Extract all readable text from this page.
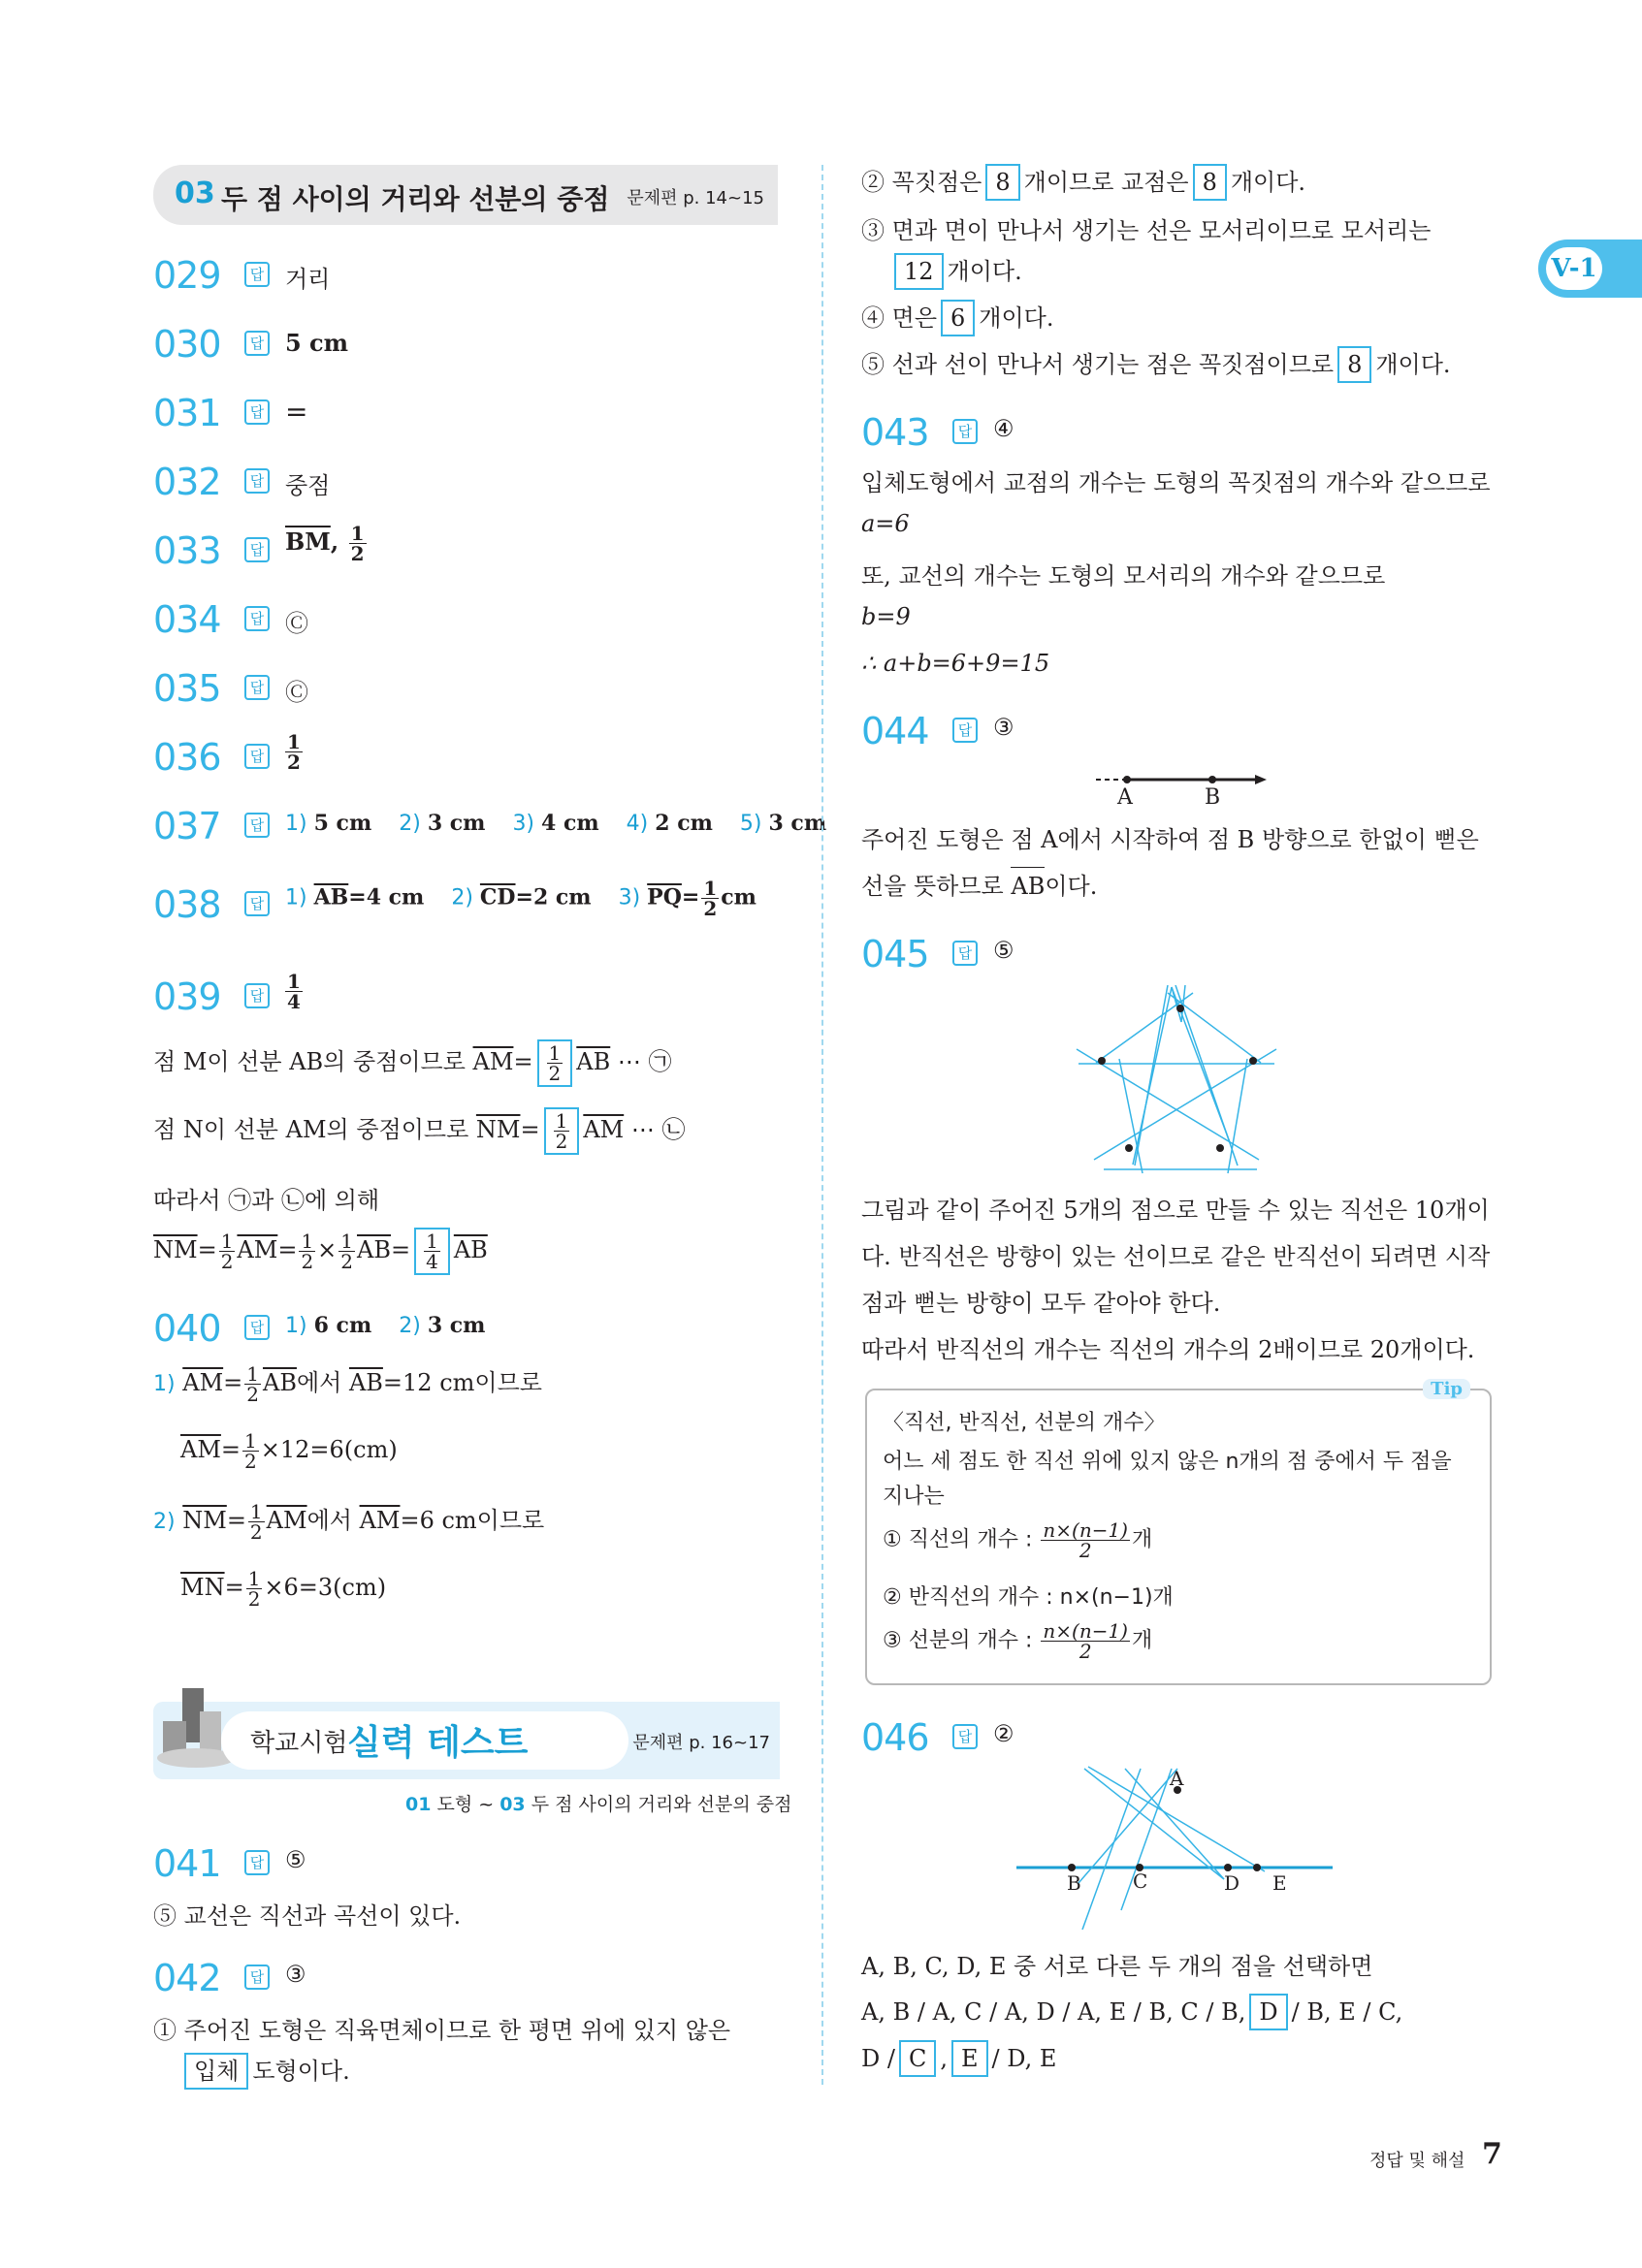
03 두 점 사이의 거리와 선분의 중점 문제편 p. 14~15
029	답 거리
030	답 5 cm
031	답 =
032	답 중점
033	답 $\overline{BM}$, $\frac{1}{2}$
034	답 Ⓒ
035	답 Ⓒ
036	답 $\frac{1}{2}$
037	답 1) 5 cm 2) 3 cm 3) 4 cm 4) 2 cm 5) 3 cm
038	답 1) $\overline{AB}=4$ cm 2) $\overline{CD}=2$ cm 3) $\overline{PQ}= \frac{1}{2}$ cm
039	답 $\frac{1}{4}$
점 M이 선분 AB의 중점이므로 $\overline{AM}= \frac{1}{2} \overline{AB}$ ⋯ ㉠
점 N이 선분 AM의 중점이므로 $\overline{NM}= \frac{1}{2} \overline{AM}$ ⋯ ㉡
따라서 ㉠과 ㉡에 의해
$\overline{NM}= \frac{1}{2} \overline{AM}= \frac{1}{2} \times \frac{1}{2} \overline{AB}= \frac{1}{4} \overline{AB}$
040	답 1) 6 cm 2) 3 cm
1) $\overline{AM}= \frac{1}{2} \overline{AB}$에서 $\overline{AB}=12$ cm이므로
$\overline{AM}= \frac{1}{2} \times 12=6(cm)$
2) $\overline{NM}= \frac{1}{2} \overline{AM}$에서 $\overline{AM}=6$ cm이므로
$\overline{MN}= \frac{1}{2} \times 6=3(cm)$
학교시험 실력 테스트	문제편 p. 16~17
01 도형 ~ 03 두 점 사이의 거리와 선분의 중점
041	답 ⑤
⑤ 교선은 직선과 곡선이 있다.
042	답 ③
① 주어진 도형은 직육면체이므로 한 평면 위에 있지 않은
입체 도형이다.
② 꼭짓점은 8 개이므로 교점은 8 개이다.
③ 면과 면이 만나서 생기는 선은 모서리이므로 모서리는
12 개이다.
④ 면은 6 개이다.
⑤ 선과 선이 만나서 생기는 점은 꼭짓점이므로 8 개이다.
V-1
043	답 ④
입체도형에서 교점의 개수는 도형의 꼭짓점의 개수와 같으므로
a=6
또, 교선의 개수는 도형의 모서리의 개수와 같으므로
b=9
∴ a+b=6+9=15
044	답 ③
A	B
주어진 도형은 점 A에서 시작하여 점 B 방향으로 한없이 뻗은
선을 뜻하므로
AB이다.
045	답 ⑤
그림과 같이 주어진 5개의 점으로 만들 수 있는 직선은 10개이
다. 반직선은 방향이 있는 선이므로 같은 반직선이 되려면 시작
점과 뻗는 방향이 모두 같아야 한다.
따라서 반직선의 개수는 직선의 개수의 2배이므로 20개이다.
Tip
〈직선, 반직선, 선분의 개수〉
어느 세 점도 한 직선 위에 있지 않은 n개의 점 중에서 두 점을
지나는
① 직선의 개수 : $\frac{n\times(n-1)}{2}$ 개
② 반직선의 개수 : n×(n−1)개
③ 선분의 개수 : $\frac{n\times(n-1)}{2}$ 개
046	답 ②
A
B	C	D E
A, B, C, D, E 중 서로 다른 두 개의 점을 선택하면
A, B / A, C / A, D / A, E / B, C / B, D / B, E / C,
D / C , E / D, E
정답 및 해설 7
